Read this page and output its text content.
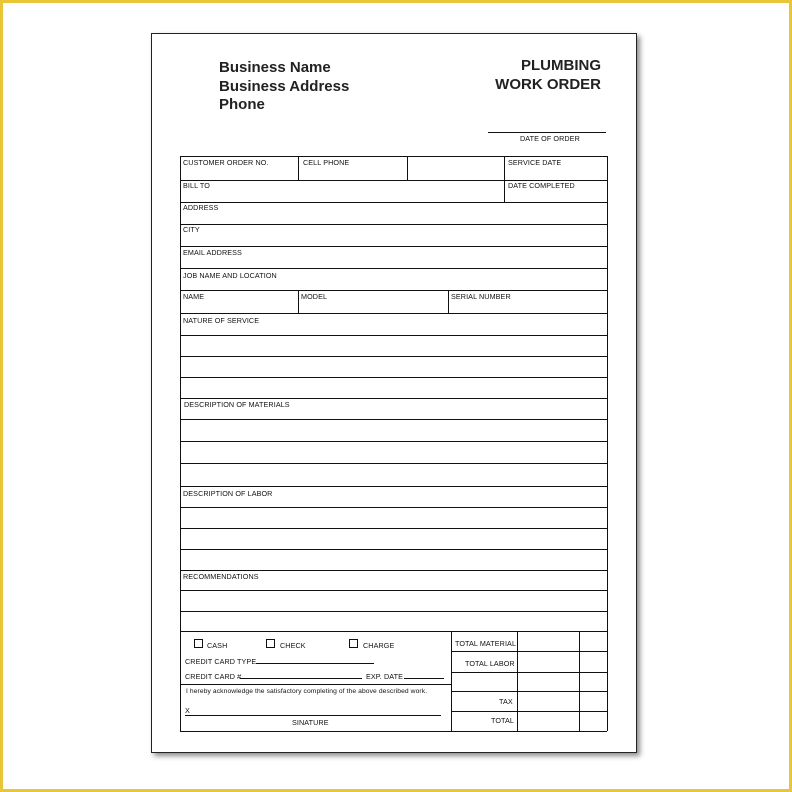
Business Name
Business Address
Phone
PLUMBING
WORK ORDER
DATE OF ORDER
CUSTOMER ORDER NO.	CELL PHONE	SERVICE DATE
BILL TO	DATE COMPLETED
ADDRESS
CITY
EMAIL ADDRESS
JOB NAME AND LOCATION
NAME	MODEL	SERIAL NUMBER
NATURE OF SERVICE
DESCRIPTION OF MATERIALS
DESCRIPTION OF LABOR
RECOMMENDATIONS
CASH	CHECK	CHARGE
CREDIT CARD TYPE
CREDIT CARD #	EXP. DATE
I hereby acknowledge the satisfactory completing of the above described work.
X
SINATURE
TOTAL MATERIAL
TOTAL LABOR
TAX
TOTAL
